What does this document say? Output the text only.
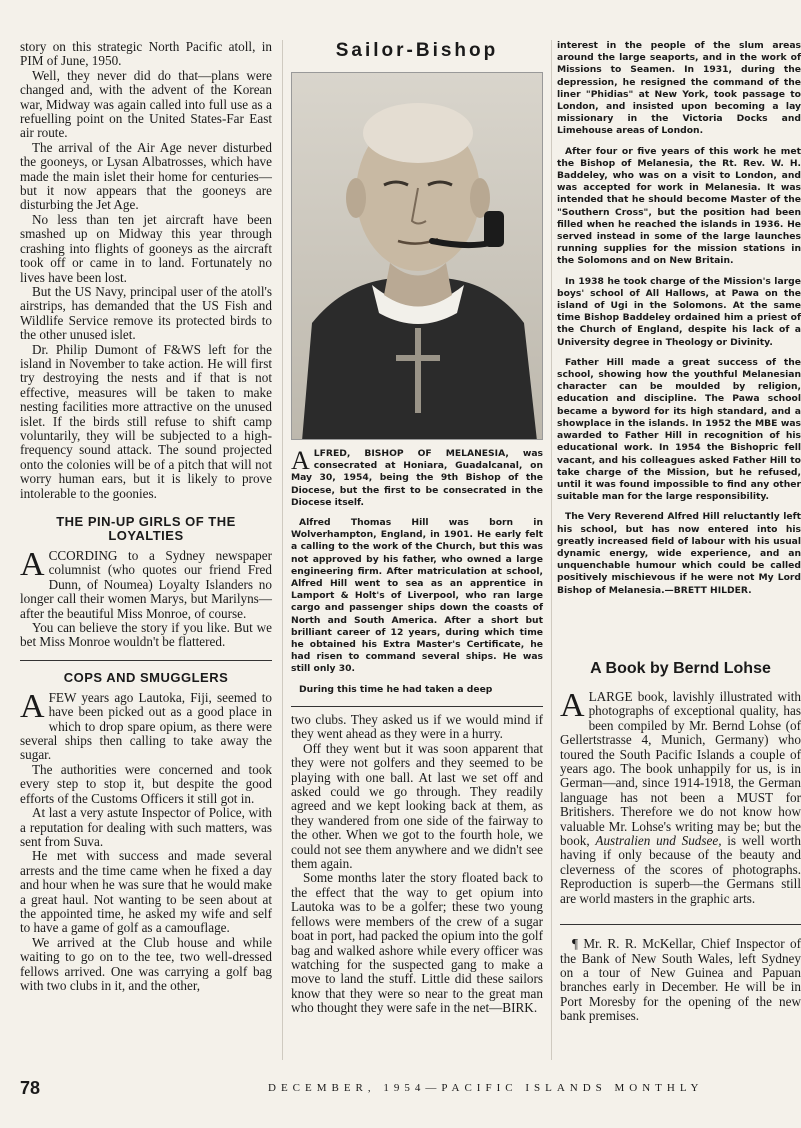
story on this strategic North Pacific atoll, in PIM of June, 1950.

Well, they never did do that—plans were changed and, with the advent of the Korean war, Midway was again called into full use as a refuelling point on the United States-Far East air route.

The arrival of the Air Age never disturbed the gooneys, or Lysan Albatrosses, which have made the main islet their home for centuries—but it now appears that the gooneys are disturbing the Jet Age.

No less than ten jet aircraft have been smashed up on Midway this year through crashing into flights of gooneys as the aircraft took off or came in to land. Fortunately no lives have been lost.

But the US Navy, principal user of the atoll's airstrips, has demanded that the US Fish and Wildlife Service remove its protected birds to the other unused islet.

Dr. Philip Dumont of F&WS left for the island in November to take action. He will first try destroying the nests and if that is not effective, measures will be taken to make nesting facilities more attractive on the unused islet. If the birds still refuse to shift camp voluntarily, they will be subjected to a high-frequency sound attack. The sound projected onto the colonies will be of a pitch that will not worry human ears, but it is likely to prove intolerable to the goonies.

THE PIN-UP GIRLS OF THE LOYALTIES

ACCORDING to a Sydney newspaper columnist (who quotes our friend Fred Dunn, of Noumea) Loyalty Islanders no longer call their women Marys, but Marilyns—after the beautiful Miss Monroe, of course.

You can believe the story if you like. But we bet Miss Monroe wouldn't be flattered.

COPS AND SMUGGLERS

AFEW years ago Lautoka, Fiji, seemed to have been picked out as a good place in which to drop spare opium, as there were several ships then calling to take away the sugar.

The authorities were concerned and took every step to stop it, but despite the good efforts of the Customs Officers it still got in.

At last a very astute Inspector of Police, with a reputation for dealing with such matters, was sent from Suva.

He met with success and made several arrests and the time came when he fixed a day and hour when he was sure that he would make a great haul. Not wanting to be seen about at the appointed time, he asked my wife and self to have a game of golf as a camouflage.

We arrived at the Club house and while waiting to go on to the tee, two well-dressed fellows arrived. One was carrying a golf bag with two clubs in it, and the other,

Sailor-Bishop

ALFRED, BISHOP OF MELANESIA, was consecrated at Honiara, Guadalcanal, on May 30, 1954, being the 9th Bishop of the Diocese, but the first to be consecrated in the Diocese itself.

Alfred Thomas Hill was born in Wolverhampton, England, in 1901. He early felt a calling to the work of the Church, but this was not approved by his father, who owned a large engineering firm. After matriculation at school, Alfred Hill went to sea as an apprentice in Lamport & Holt's of Liverpool, who ran large cargo and passenger ships down the coasts of North and South America. After a short but brilliant career of 12 years, during which time he obtained his Extra Master's Certificate, he had risen to command several ships. He was still only 30.

During this time he had taken a deep

two clubs. They asked us if we would mind if they went ahead as they were in a hurry.

Off they went but it was soon apparent that they were not golfers and they seemed to be playing with one ball. At last we set off and asked could we go through. They readily agreed and we kept looking back at them, as they wandered from one side of the fairway to the other. When we got to the fourth hole, we could not see them anywhere and we didn't see them again.

Some months later the story floated back to the effect that the way to get opium into Lautoka was to be a golfer; these two young fellows were members of the crew of a sugar boat in port, had packed the opium into the golf bag and walked ashore while every officer was watching for the suspected gang to make a move to land the stuff. Little did these sailors know that they were so near to the great man who thought they were safe in the net—BIRK.

interest in the people of the slum areas around the large seaports, and in the work of Missions to Seamen. In 1931, during the depression, he resigned the command of the liner "Phidias" at New York, took passage to London, and insisted upon becoming a lay missionary in the Victoria Docks and Limehouse areas of London.

After four or five years of this work he met the Bishop of Melanesia, the Rt. Rev. W. H. Baddeley, who was on a visit to London, and was accepted for work in Melanesia. It was intended that he should become Master of the "Southern Cross", but the position had been filled when he reached the islands in 1936. He served instead in some of the large launches running supplies for the mission stations in the Solomons and on New Britain.

In 1938 he took charge of the Mission's large boys' school of All Hallows, at Pawa on the island of Ugi in the Solomons. At the same time Bishop Baddeley ordained him a priest of the Church of England, despite his lack of a University degree in Theology or Divinity.

Father Hill made a great success of the school, showing how the youthful Melanesian character can be moulded by religion, education and discipline. The Pawa school became a byword for its high standard, and a showplace in the islands. In 1952 the MBE was awarded to Father Hill in recognition of his educational work. In 1954 the Bishopric fell vacant, and his colleagues asked Father Hill to take charge of the Mission, but he refused, until it was found impossible to find any other suitable man for the large responsibility.

The Very Reverend Alfred Hill reluctantly left his school, but has now entered into his greatly increased field of labour with his usual dynamic energy, wide experience, and an unquenchable humour which could be called positively mischievous if he were not My Lord Bishop of Melanesia.—BRETT HILDER.

A Book by Bernd Lohse

ALARGE book, lavishly illustrated with photographs of exceptional quality, has been compiled by Mr. Bernd Lohse (of Gellertstrasse 4, Munich, Germany) who toured the South Pacific Islands a couple of years ago. The book unhappily for us, is in German—and, since 1914-1918, the German language has not been a MUST for Britishers. Therefore we do not know how valuable Mr. Lohse's writing may be; but the book, Australien und Sudsee, is well worth having if only because of the beauty and cleverness of the scores of photographs. Reproduction is superb—the Germans still are world masters in the graphic arts.

¶ Mr. R. R. McKellar, Chief Inspector of the Bank of New South Wales, left Sydney on a tour of New Guinea and Papuan branches early in December. He will be in Port Moresby for the opening of the new bank premises.

78	DECEMBER, 1954—PACIFIC ISLANDS MONTHLY
